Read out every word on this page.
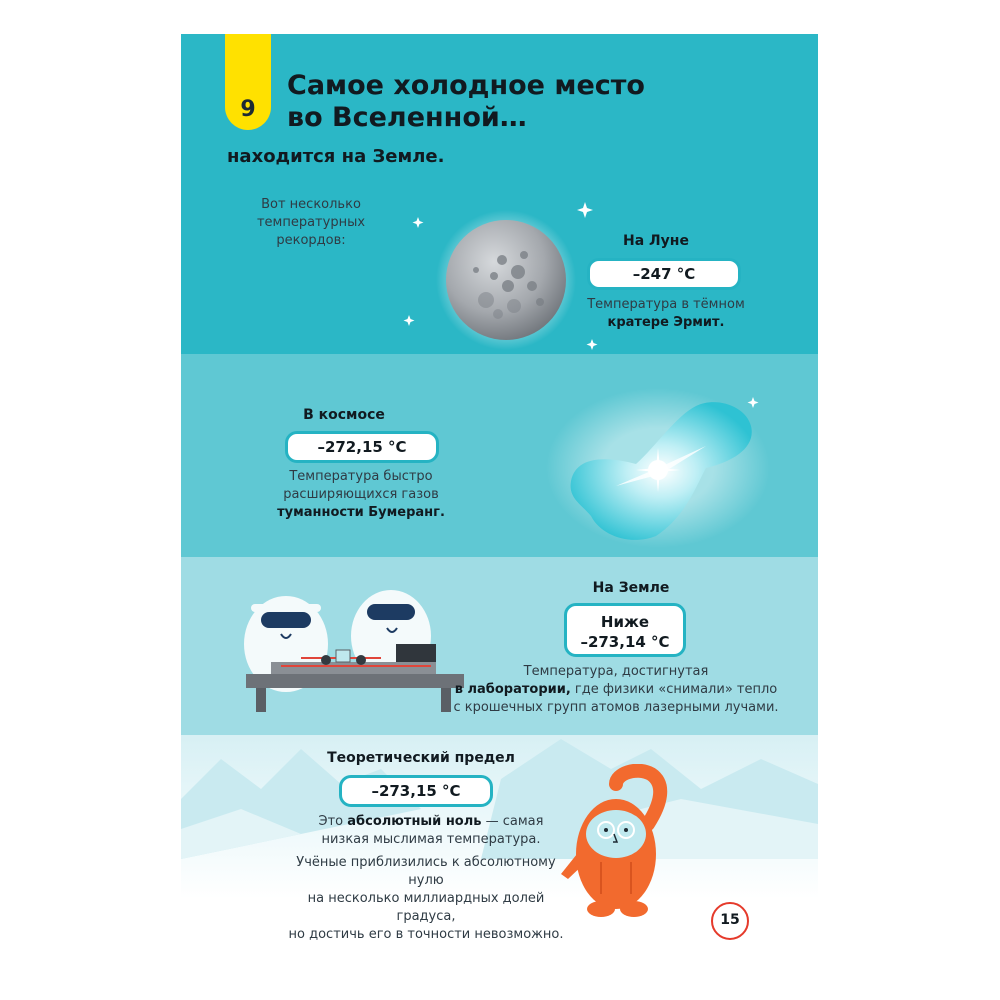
9
Самое холодное место
во Вселенной…
находится на Земле.
Вот несколько
температурных
рекордов:	На Луне
–247 °С
Температура в тёмном
кратере Эрмит.
В космосе
–272,15 °С
Температура быстро
расширяющихся газов
туманности Бумеранг.
На Земле
Ниже
–273,14 °С
Температура, достигнутая
в лаборатории, где физики «снимали» тепло
с крошечных групп атомов лазерными лучами.
Теоретический предел
–273,15 °С
Это абсолютный ноль — самая
низкая мыслимая температура.
Учёные приблизились к абсолютному нулю
на несколько миллиардных долей градуса,
но достичь его в точности невозможно.
15
